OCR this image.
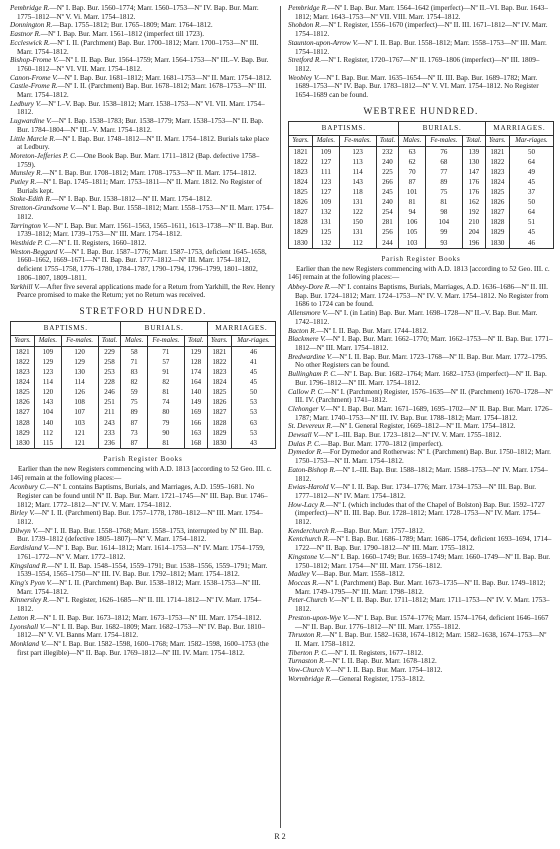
Pembridge R.—Nº I. Bap. Bur. 1560–1774; Marr. 1560–1753—Nº IV. Bap. Bur. Marr. 1775–1812—Nº V. Vi. Marr. 1754–1812.

Donnington R.—Bap. 1755–1812; Bur. 1765–1809; Marr. 1764–1812.

Eastnor R.—Nº I. Bap. Bur. Marr. 1561–1812 (imperfect till 1723).

Eccleswick R.—Nº I. II. (Parchment) Bap. Bur. 1700–1812; Marr. 1700–1753—Nº III. Marr. 1754–1812.

Bishop-Frome V.—Nº I. II. Bap. Bur. 1564–1759; Marr. 1564–1753—Nº III.–V. Bap. Bur. 1760–1812—Nº VI. VII. Marr. 1754–1812.

Canon-Frome V.—Nº I. Bap. Bur. 1681–1812; Marr. 1681–1753—Nº II. Marr. 1754–1812.

Castle-Frome R.—Nº I. II. (Parchment) Bap. Bur. 1678–1812; Marr. 1678–1753—Nº III. Marr. 1754–1812.

Ledbury V.—Nº I.–V. Bap. Bur. 1538–1812; Marr. 1538–1753—Nº VI. VII. Marr. 1754–1812.

Lugwardine V.—Nº I. Bap. 1538–1783; Bur. 1538–1779; Marr. 1538–1753—Nº II. Bap. Bur. 1784–1804—Nº III.–V. Marr. 1754–1812.

Little Marcle R.—Nº I. Bap. Bur. 1748–1812—Nº II. Marr. 1754–1812. Burials take place at Ledbury.

Moreton-Jefferies P. C.—One Book Bap. Bur. Marr. 1711–1812 (Bap. defective 1758–1759).

Munsley R.—Nº I. Bap. Bur. 1708–1812; Marr. 1708–1753—Nº II. Marr. 1754–1812.

Putley R.—Nº I. Bap. 1745–1811; Marr. 1753–1811—Nº II. Marr. 1812. No Register of Burials kept.

Stoke-Edith R.—Nº I. Bap. Bur. 1538–1812—Nº II. Marr. 1754–1812.

Stretton-Grandsome V.—Nº I. Bap. Bur. 1558–1812; Marr. 1558–1753—Nº II. Marr. 1754–1812.

Tarrington V.—Nº I. Bap. Bur. Marr. 1561–1563, 1565–1611, 1613–1738—Nº II. Bap. Bur. 1739–1812; Marr. 1739–1753—Nº III. Marr. 1754–1812.

Westhide P. C.—Nº I. II. Registers, 1660–1812.

Weston-Beggard V.—Nº I. Bap. Bur. 1587–1776; Marr. 1587–1753, deficient 1645–1658, 1660–1662, 1669–1671—Nº II. Bap. Bur. 1777–1812—Nº III. Marr. 1754–1812, deficient 1755–1758, 1776–1780, 1784–1787, 1790–1794, 1796–1799, 1801–1802, 1806–1807, 1809–1811.

Yarkhill V.—After five several applications made for a Return from Yarkhill, the Rev. Henry Pearce promised to make the Return; yet no Return was received.

STRETFORD HUNDRED.
BAPTISMS.				BURIALS.			MARRIAGES.	
Years.	Males.	Fe-males.	Total.	Males.	Fe-males.	Total.	Years.	Mar-riages.
1821	109	120	229	58	71	129	1821	46
1822	129	129	258	71	57	128	1822	41
1823	123	130	253	83	91	174	1823	45
1824	114	114	228	82	82	164	1824	45
1825	120	126	246	59	81	140	1825	50
1826	143	108	251	75	74	149	1826	53
1827	104	107	211	89	80	169	1827	53
1828	140	103	243	87	79	166	1828	63
1829	112	121	233	73	90	163	1829	53
1830	115	121	236	87	81	168	1830	43
Parish Register Books

Earlier than the new Registers commencing with A.D. 1813 [according to 52 Geo. III. c. 146] remain at the following places:—

Aconbury C.—Nº I. contains Baptisms, Burials, and Marriages, A.D. 1595–1681. No Register can be found until Nº II. Bap. Bur. Marr. 1721–1745—Nº III. Bap. Bur. 1746–1812; Marr. 1772–1812—Nº IV. V. Marr. 1754–1812.

Birley V.—Nº I. II. (Parchment) Bap. Bur. 1757–1778, 1780–1812—Nº III. Marr. 1754–1812.

Dilwyn V.—Nº I. II. Bap. Bur. 1558–1768; Marr. 1558–1753, interrupted by Nº III. Bap. Bur. 1739–1812 (defective 1805–1807)—Nº V. Marr. 1754–1812.

Eardisland V.—Nº I. Bap. Bur. 1614–1812; Marr. 1614–1753—Nº IV. Marr. 1754–1759, 1761–1772—Nº V. Marr. 1772–1812.

Kingsland R.—Nº I. II. Bap. 1548–1554, 1559–1791; Bur. 1538–1556, 1559–1791; Marr. 1539–1554, 1565–1750—Nº III. IV. Bap. Bur. 1792–1812; Marr. 1754–1812.

King's Pyon V.—Nº I. II. (Parchment) Bap. Bur. 1538–1812; Marr. 1538–1753—Nº III. Marr. 1754–1812.

Kinnersley R.—Nº I. Register, 1626–1685—Nº II. III. 1714–1812—Nº IV. Marr. 1754–1812.

Letton R.—Nº I. II. Bap. Bur. 1673–1812; Marr. 1673–1753—Nº III. Marr. 1754–1812.

Lyonshall V.—Nº I. II. Bap. Bur. 1682–1809; Marr. 1682–1753—Nº IV. Bap. Bur. 1810–1812—Nº V. VI. Banns Marr. 1754–1812.

Monkland V.—Nº I. Bap. Bur. 1582–1598, 1600–1768; Marr. 1582–1598, 1600–1753 (the first part illegible)—Nº II. Bap. Bur. 1769–1812—Nº III. IV. Marr. 1754–1812.

Pembridge R.—Nº I. Bap. Bur. Marr. 1564–1642 (imperfect)—Nº II.–VI. Bap. Bur. 1643–1812; Marr. 1643–1753—Nº VII. VIII. Marr. 1754–1812.

Shobdon R.—Nº I. Register, 1556–1670 (imperfect)—Nº II. III. 1671–1812—Nº IV. Marr. 1754–1812.

Staunton-upon-Arrow V.—Nº I. II. Bap. Bur. 1558–1812; Marr. 1558–1753—Nº III. Marr. 1754–1812.

Stretford R.—Nº I. Register, 1720–1767—Nº II. 1769–1806 (imperfect)—Nº III. 1809–1812.

Weobley V.—Nº I. Bap. Bur. Marr. 1635–1654—Nº II. III. Bap. Bur. 1689–1782; Marr. 1689–1753—Nº IV. Bap. Bur. 1783–1812—Nº V. VI. Marr. 1754–1812. No Register 1654–1689 can be found.

WEBTREE HUNDRED.
BAPTISMS.				BURIALS.			MARRIAGES.	
Years.	Males.	Fe-males.	Total.	Males.	Fe-males.	Total.	Years.	Mar-riages.
1821	109	123	232	63	76	139	1821	50
1822	127	113	240	62	68	130	1822	64
1823	111	114	225	70	77	147	1823	49
1824	123	143	266	87	89	176	1824	45
1825	127	118	245	101	75	176	1825	37
1826	109	131	240	81	81	162	1826	50
1827	132	122	254	94	98	192	1827	64
1828	131	150	281	106	104	210	1828	51
1829	125	131	256	105	99	204	1829	45
1830	132	112	244	103	93	196	1830	46
Parish Register Books

Earlier than the new Registers commencing with A.D. 1813 [according to 52 Geo. III. c. 146] remain at the following places:—

Abbey-Dore R.—Nº I. contains Baptisms, Burials, Marriages, A.D. 1636–1686—Nº II. III. Bap. Bur. 1724–1812; Marr. 1724–1753—Nº IV. V. Marr. 1754–1812. No Register from 1686 to 1724 can be found.

Allensmore V.—Nº I. (in Latin) Bap. Bur. Marr. 1698–1728—Nº II.–V. Bap. Bur. Marr. 1742–1812.

Bacton R.—Nº I. II. Bap. Bur. Marr. 1744–1812.

Blackmere V.—Nº I. Bap. Bur. Marr. 1662–1770; Marr. 1662–1753—Nº II. Bap. Bur. 1771–1812—Nº III. Marr. 1754–1812.

Bredwardine V.—Nº I. II. Bap. Bur. Marr. 1723–1768—Nº II. Bap. Bur. Marr. 1772–1795. No other Registers can be found.

Bullingham P. C.—Nº I. Bap. Bur. 1682–1764; Marr. 1682–1753 (imperfect)—Nº II. Bap. Bur. 1796–1812—Nº III. Marr. 1754–1812.

Callow P. C.—Nº I. (Parchment) Register, 1576–1635—Nº II. (Parchment) 1670–1728—Nº III. IV. (Parchment) 1741–1812.

Clehonger V.—Nº I. Bap. Bur. Marr. 1671–1689, 1695–1702—Nº II. Bap. Bur. Marr. 1726–1787; Marr. 1740–1753—Nº III. IV. Bap. Bur. 1788–1812; Marr. 1754–1812.

St. Devereux R.—Nº I. General Register, 1669–1812—Nº II. Marr. 1754–1812.

Dewsall V.—Nº I.–III. Bap. Bur. 1723–1812—Nº IV. V. Marr. 1755–1812.

Dulas P. C.—Bap. Bur. Marr. 1770–1812 (imperfect).

Dymedor R.—For Dymedor and Rotherwas: Nº I. (Parchment) Bap. Bur. 1750–1812; Marr. 1750–1753—Nº II. Marr. 1754–1812.

Eaton-Bishop R.—Nº I.–III. Bap. Bur. 1588–1812; Marr. 1588–1753—Nº IV. Marr. 1754–1812.

Ewias-Harold V.—Nº I. II. Bap. Bur. 1734–1776; Marr. 1734–1753—Nº III. Bap. Bur. 1777–1812—Nº IV. Marr. 1754–1812.

How-Lacy R.—Nº I. (which includes that of the Chapel of Bolston) Bap. Bur. 1592–1727 (imperfect)—Nº II. III. Bap. Bur. 1728–1812; Marr. 1728–1753—Nº IV. Marr. 1754–1812.

Kenderchurch R.—Bap. Bur. Marr. 1757–1812.

Kentchurch R.—Nº I. Bap. Bur. 1686–1789; Marr. 1686–1754, deficient 1693–1694, 1714–1722—Nº II. Bap. Bur. 1790–1812—Nº III. Marr. 1755–1812.

Kingstone V.—Nº I. Bap. 1660–1749; Bur. 1659–1749; Marr. 1660–1749—Nº II. Bap. Bur. 1750–1812; Marr. 1754—Nº III. Marr. 1756–1812.

Madley V.—Bap. Bur. Marr. 1558–1812.

Moccas R.—Nº I. (Parchment) Bap. Bur. Marr. 1673–1735—Nº II. Bap. Bur. 1749–1812; Marr. 1749–1795—Nº III. Marr. 1798–1812.

Peter-Church V.—Nº I. II. Bap. Bur. 1711–1812; Marr. 1711–1753—Nº IV. V. Marr. 1753–1812.

Preston-upon-Wye V.—Nº I. Bap. Bur. 1574–1776; Marr. 1574–1764, deficient 1646–1667—Nº II. Bap. Bur. 1776–1812—Nº III. Marr. 1755–1812.

Thruxton R.—Nº I. Bap. Bur. 1582–1638, 1674–1812; Marr. 1582–1638, 1674–1753—Nº II. Marr. 1758–1812.

Tiberton P. C.—Nº I. II. Registers, 1677–1812.

Turnaston R.—Nº I. II. Bap. Bur. Marr. 1678–1812.

Vow-Church V.—Nº I. II. Bap. Bur. Marr. 1754–1812.

Wormbridge R.—General Register, 1753–1812.

R 2
